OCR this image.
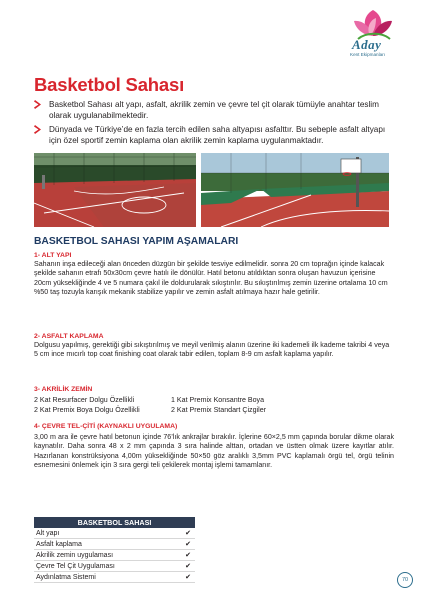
Aday
Kent Ekipmanları
Basketbol Sahası
Basketbol Sahası alt yapı, asfalt, akrilik zemin ve çevre tel çit olarak tümüyle anahtar teslim olarak uygulanabilmektedir.
Dünyada ve Türkiye’de en fazla tercih edilen saha altyapısı asfalttır. Bu sebeple asfalt altyapı için özel sportif zemin kaplama olan akrilik zemin kaplama uygulanmaktadır.
BASKETBOL SAHASI YAPIM AŞAMALARI

1- ALT YAPI

Sahanın inşa edileceği alan önceden düzgün bir şekilde tesviye edilmelidir. sonra 20 cm toprağın içinde kalacak şekilde sahanın etrafı 50x30cm çevre hatılı ile dönülür. Hatıl betonu atıldıktan sonra oluşan havuzun içerisine 20cm yüksekliğinde 4 ve 5 numara çakıl ile doldurularak sıkıştırılır. Bu sıkıştırılmış zemin üzerine ortalama 10 cm %50 taş tozuyla karışık mekanik stabilize yapılır ve zemin asfalt atılmaya hazır hale getirilir.

2- ASFALT KAPLAMA

Dolgusu yapılmış, gerektiği gibi sıkıştırılmış ve meyil verilmiş alanın üzerine iki kademeli ilk kademe takribi 4 veya 5 cm ince mıcırlı top coat finishing coat olarak tabir edilen, toplam 8-9 cm asfalt kaplama yapılır.

3- AKRİLİK ZEMİN

2 Kat Resurfacer Dolgu Özellikli	1 Kat Premix Konsantre Boya
2 Kat Premix Boya Dolgu Özellikli	2 Kat Premix Standart Çizgiler

4- ÇEVRE TEL-ÇİTİ (KAYNAKLI UYGULAMA)

3,00 m ara ile çevre hatıl betonun içinde 76’lık ankrajlar bırakılır. İçlerine 60×2,5 mm çapında borular dikme olarak kaynatılır. Daha sonra 48 x 2 mm çapında 3 sıra halinde alttan, ortadan ve üstten olmak üzere kayıtlar atılır. Hazırlanan konstrüksiyona 4,00m yüksekliğinde 50×50 göz aralıklı 3,5mm PVC kaplamalı örgü tel, örgü telinin esnemesini önlemek için 3 sıra gergi teli çekilerek montaj işlemi tamamlanır.

BASKETBOL SAHASI	
Alt yapı	✔
Asfalt kaplama	✔
Akrilik zemin uygulaması	✔
Çevre Tel Çit Uygulaması	✔
Aydınlatma Sistemi	✔	70
